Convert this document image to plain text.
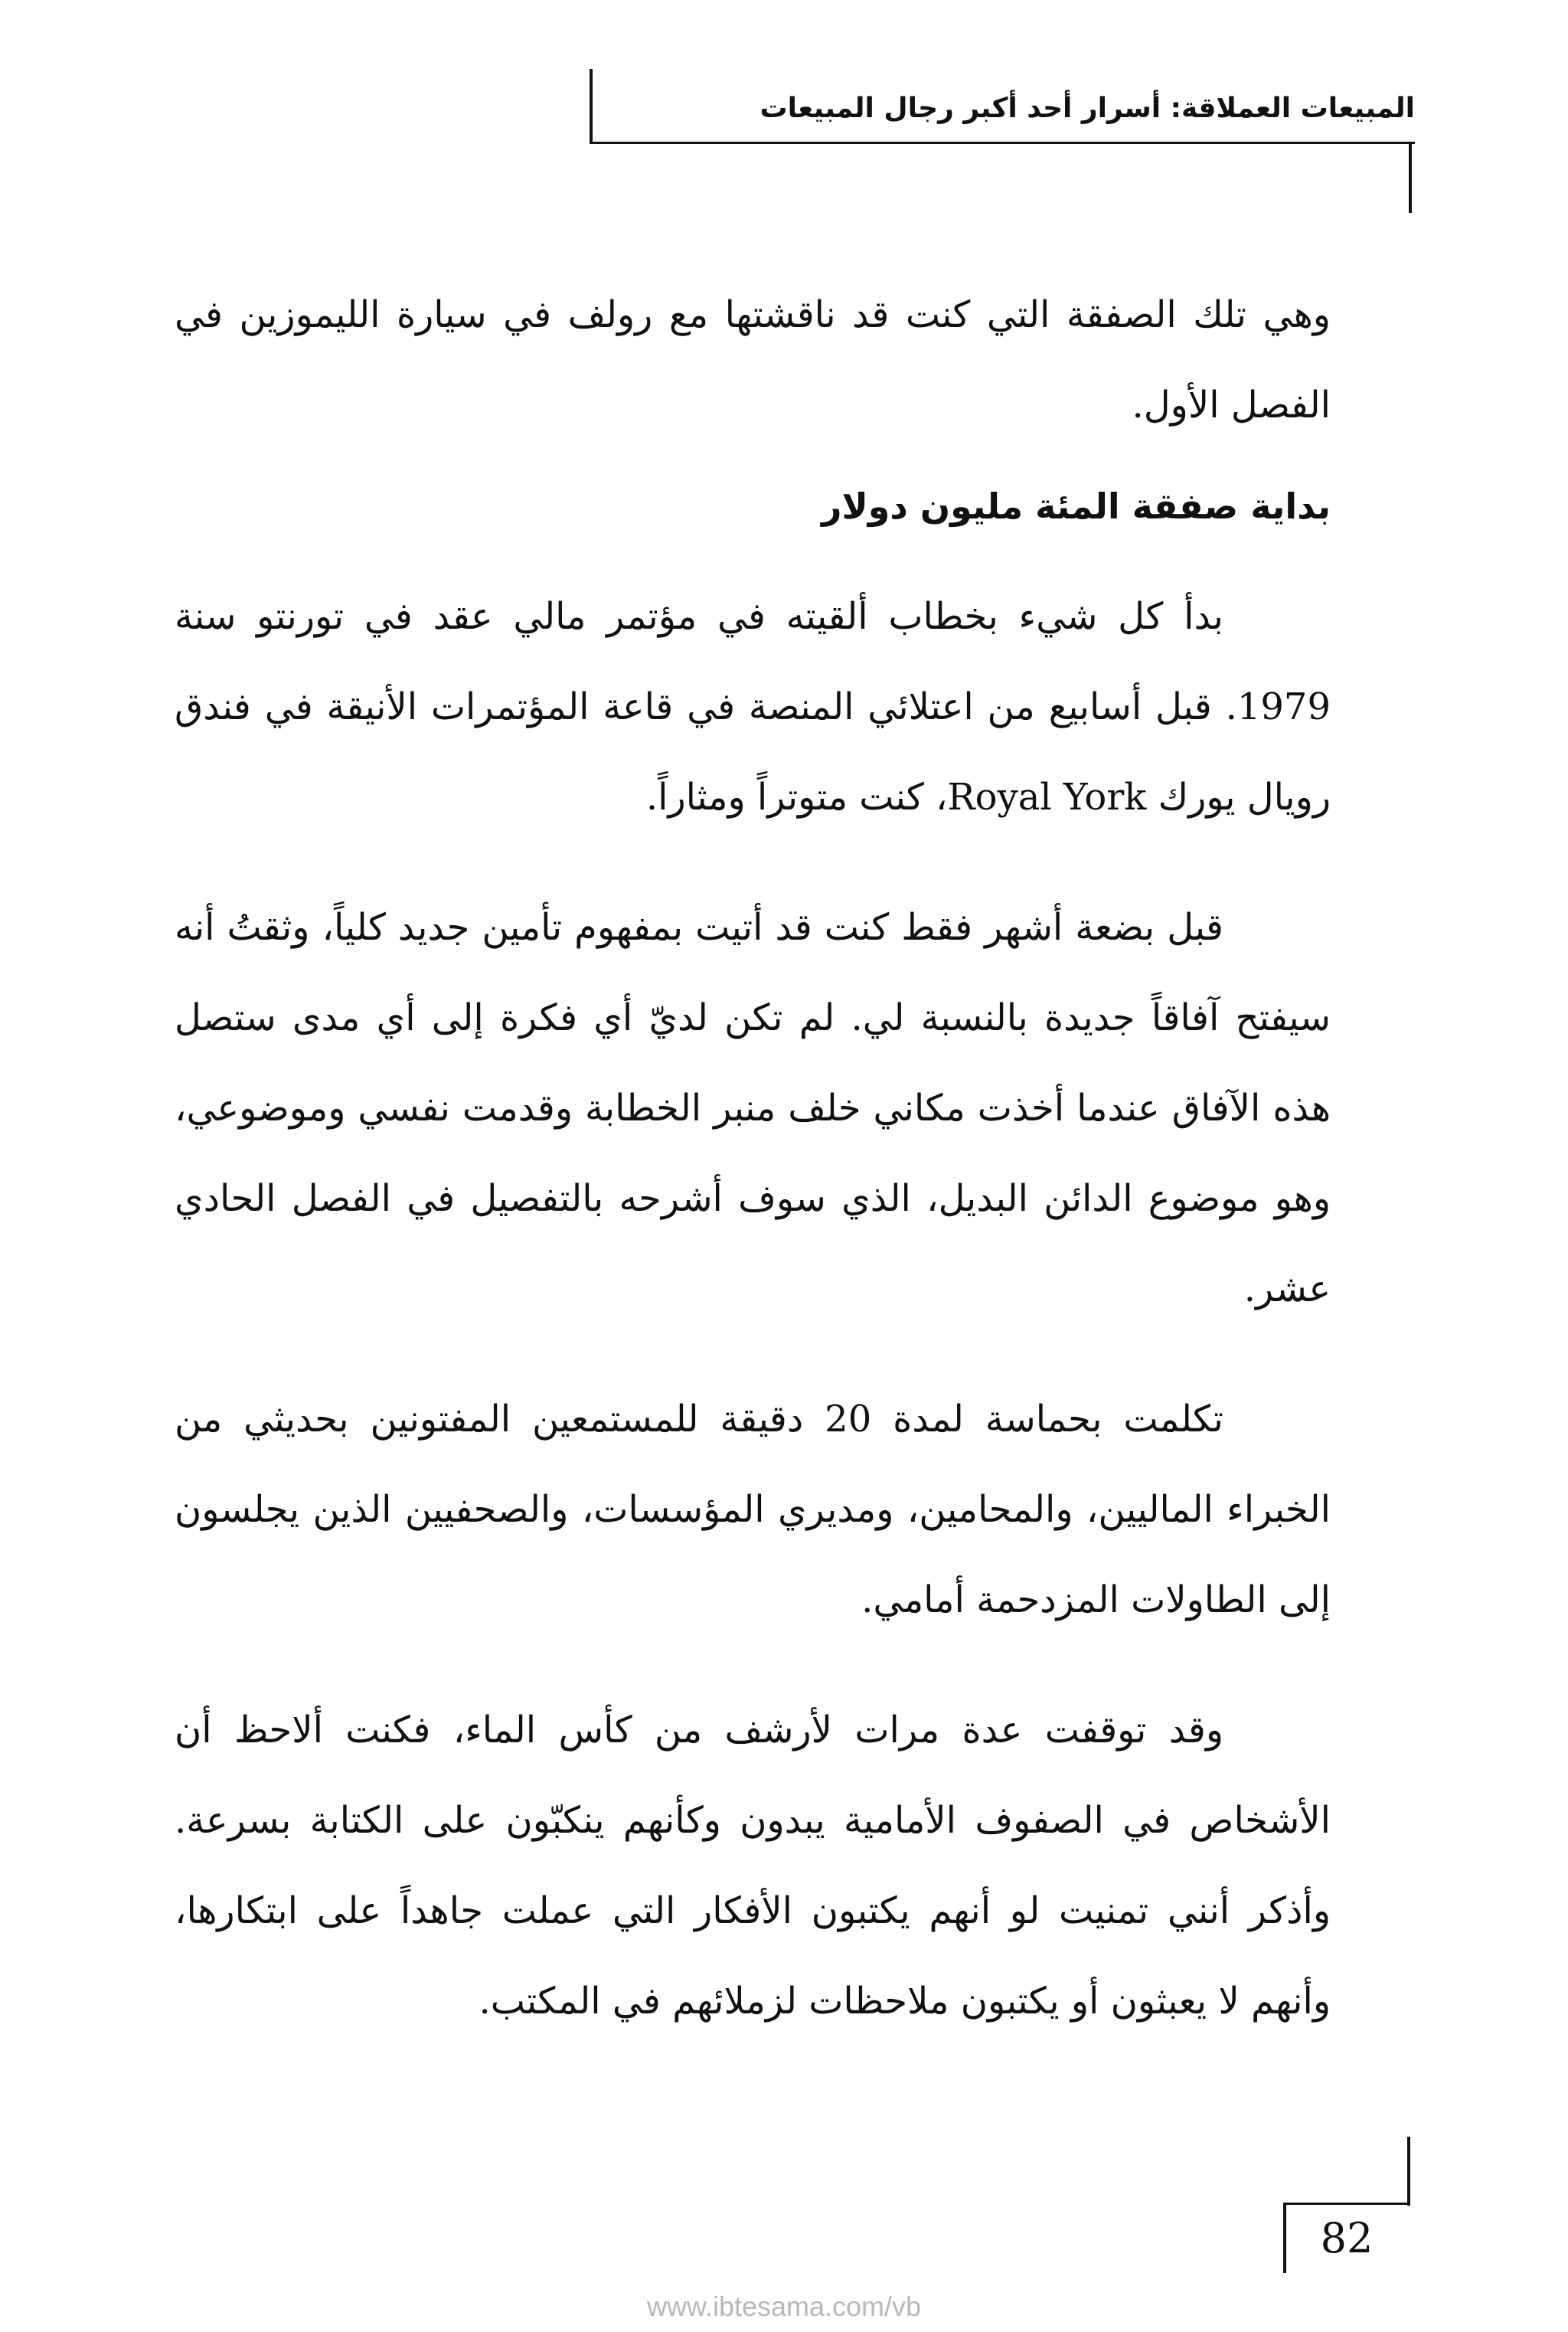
المبيعات العملاقة: أسرار أحد أكبر رجال المبيعات

وهي تلك الصفقة التي كنت قد ناقشتها مع رولف في سيارة الليموزين في الفصل الأول.

بداية صفقة المئة مليون دولار

بدأ كل شيء بخطاب ألقيته في مؤتمر مالي عقد في تورنتو سنة 1979. قبل أسابيع من اعتلائي المنصة في قاعة المؤتمرات الأنيقة في فندق رويال يورك Royal York، كنت متوتراً ومثاراً.

قبل بضعة أشهر فقط كنت قد أتيت بمفهوم تأمين جديد كلياً، وثقتُ أنه سيفتح آفاقاً جديدة بالنسبة لي. لم تكن لديّ أي فكرة إلى أي مدى ستصل هذه الآفاق عندما أخذت مكاني خلف منبر الخطابة وقدمت نفسي وموضوعي، وهو موضوع الدائن البديل، الذي سوف أشرحه بالتفصيل في الفصل الحادي عشر.

تكلمت بحماسة لمدة 20 دقيقة للمستمعين المفتونين بحديثي من الخبراء الماليين، والمحامين، ومديري المؤسسات، والصحفيين الذين يجلسون إلى الطاولات المزدحمة أمامي.

وقد توقفت عدة مرات لأرشف من كأس الماء، فكنت ألاحظ أن الأشخاص في الصفوف الأمامية يبدون وكأنهم ينكبّون على الكتابة بسرعة. وأذكر أنني تمنيت لو أنهم يكتبون الأفكار التي عملت جاهداً على ابتكارها، وأنهم لا يعبثون أو يكتبون ملاحظات لزملائهم في المكتب.

82
www.ibtesama.com/vb
